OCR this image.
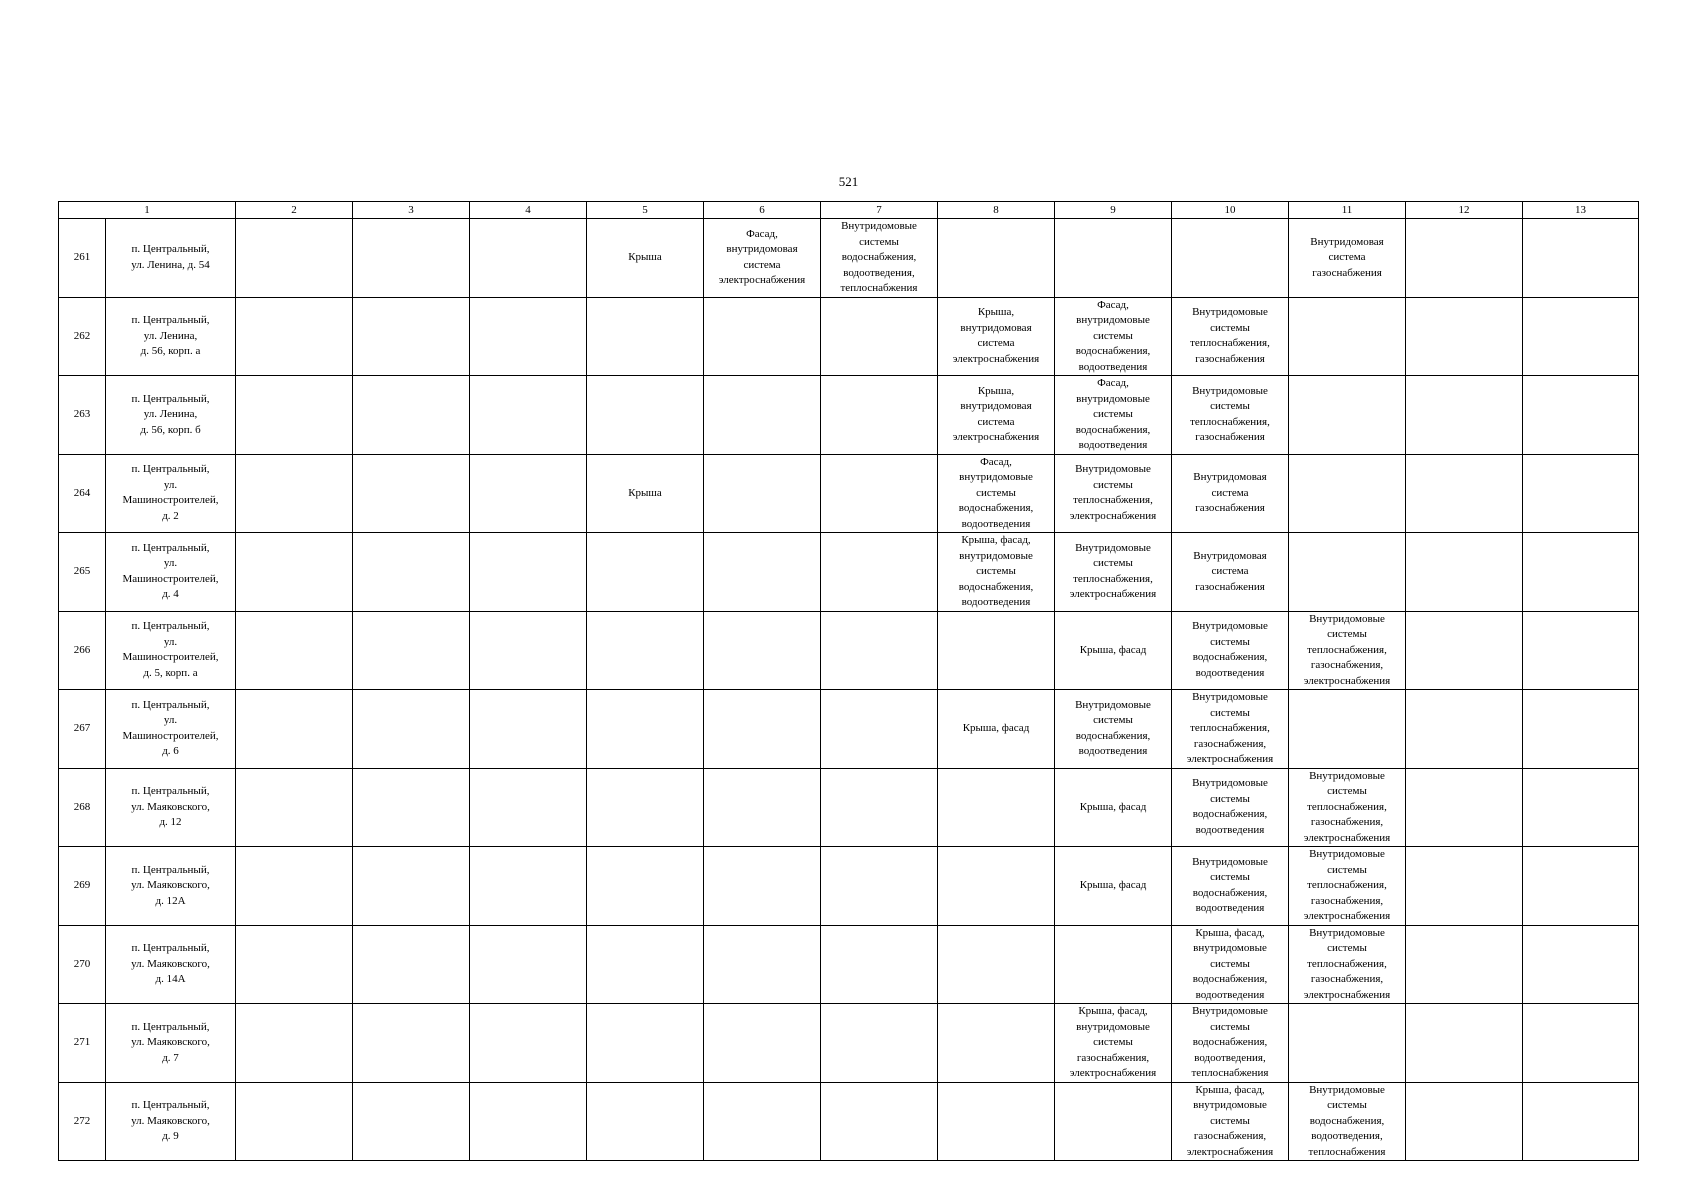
521
1		2	3	4	5	6	7	8	9	10	11	12	13
261	п. Центральный,
ул. Ленина, д. 54				Крыша	Фасад,
внутридомовая
система
электроснабжения	Внутридомовые
системы
водоснабжения,
водоотведения,
теплоснабжения				Внутридомовая
система
газоснабжения		
262	п. Центральный,
ул. Ленина,
д. 56, корп. а							Крыша,
внутридомовая
система
электроснабжения	Фасад,
внутридомовые
системы
водоснабжения,
водоотведения	Внутридомовые
системы
теплоснабжения,
газоснабжения			
263	п. Центральный,
ул. Ленина,
д. 56, корп. б							Крыша,
внутридомовая
система
электроснабжения	Фасад,
внутридомовые
системы
водоснабжения,
водоотведения	Внутридомовые
системы
теплоснабжения,
газоснабжения			
264	п. Центральный,
ул.
Машиностроителей,
д. 2				Крыша			Фасад,
внутридомовые
системы
водоснабжения,
водоотведения	Внутридомовые
системы
теплоснабжения,
электроснабжения	Внутридомовая
система
газоснабжения			
265	п. Центральный,
ул.
Машиностроителей,
д. 4							Крыша, фасад,
внутридомовые
системы
водоснабжения,
водоотведения	Внутридомовые
системы
теплоснабжения,
электроснабжения	Внутридомовая
система
газоснабжения			
266	п. Центральный,
ул.
Машиностроителей,
д. 5, корп. а								Крыша, фасад	Внутридомовые
системы
водоснабжения,
водоотведения	Внутридомовые
системы
теплоснабжения,
газоснабжения,
электроснабжения		
267	п. Центральный,
ул.
Машиностроителей,
д. 6							Крыша, фасад	Внутридомовые
системы
водоснабжения,
водоотведения	Внутридомовые
системы
теплоснабжения,
газоснабжения,
электроснабжения			
268	п. Центральный,
ул. Маяковского,
д. 12								Крыша, фасад	Внутридомовые
системы
водоснабжения,
водоотведения	Внутридомовые
системы
теплоснабжения,
газоснабжения,
электроснабжения		
269	п. Центральный,
ул. Маяковского,
д. 12А								Крыша, фасад	Внутридомовые
системы
водоснабжения,
водоотведения	Внутридомовые
системы
теплоснабжения,
газоснабжения,
электроснабжения		
270	п. Центральный,
ул. Маяковского,
д. 14А									Крыша, фасад,
внутридомовые
системы
водоснабжения,
водоотведения	Внутридомовые
системы
теплоснабжения,
газоснабжения,
электроснабжения		
271	п. Центральный,
ул. Маяковского,
д. 7								Крыша, фасад,
внутридомовые
системы
газоснабжения,
электроснабжения	Внутридомовые
системы
водоснабжения,
водоотведения,
теплоснабжения			
272	п. Центральный,
ул. Маяковского,
д. 9									Крыша, фасад,
внутридомовые
системы
газоснабжения,
электроснабжения	Внутридомовые
системы
водоснабжения,
водоотведения,
теплоснабжения		
